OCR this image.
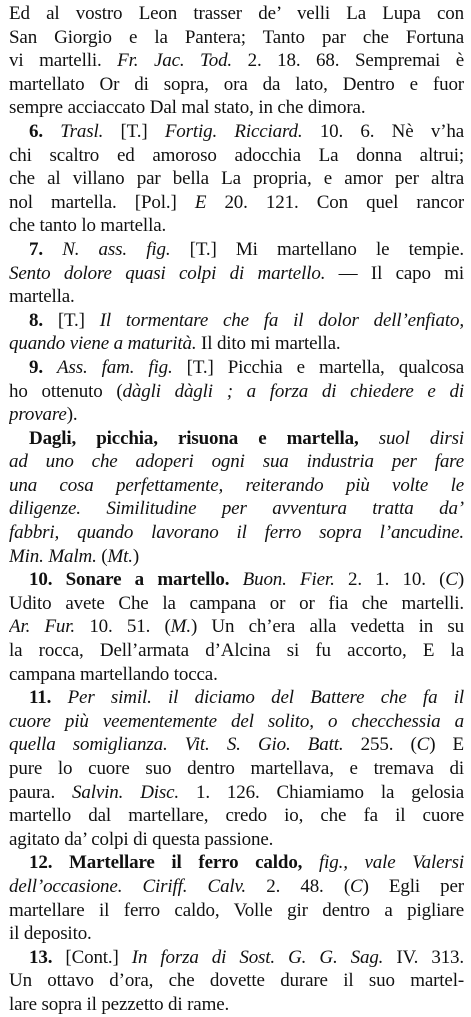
Ed al vostro Leon trasser de’ velli La Lupa con
San Giorgio e la Pantera; Tanto par che Fortuna
vi martelli. Fr. Jac. Tod. 2. 18. 68. Sempremai è
martellato Or di sopra, ora da lato, Dentro e fuor
sempre acciaccato Dal mal stato, in che dimora.
6. Trasl. [T.] Fortig. Ricciard. 10. 6. Nè v’ha
chi scaltro ed amoroso adocchia La donna altrui;
che al villano par bella La propria, e amor per altra
nol martella. [Pol.] E 20. 121. Con quel rancor
che tanto lo martella.
7. N. ass. fig. [T.] Mi martellano le tempie.
Sento dolore quasi colpi di martello. — Il capo mi
martella.
8. [T.] Il tormentare che fa il dolor dell’enfiato,
quando viene a maturità. Il dito mi martella.
9. Ass. fam. fig. [T.] Picchia e martella, qualcosa
ho ottenuto (dàgli dàgli ; a forza di chiedere e di
provare).
Dagli, picchia, risuona e martella, suol dirsi
ad uno che adoperi ogni sua industria per fare
una cosa perfettamente, reiterando più volte le
diligenze. Similitudine per avventura tratta da’
fabbri, quando lavorano il ferro sopra l’ancudine.
Min. Malm. (Mt.)
10. Sonare a martello. Buon. Fier. 2. 1. 10. (C)
Udito avete Che la campana or or fia che martelli.
Ar. Fur. 10. 51. (M.) Un ch’era alla vedetta in su
la rocca, Dell’armata d’Alcina si fu accorto, E la
campana martellando tocca.
11. Per simil. il diciamo del Battere che fa il
cuore più veementemente del solito, o checchessia a
quella somiglianza. Vit. S. Gio. Batt. 255. (C) E
pure lo cuore suo dentro martellava, e tremava di
paura. Salvin. Disc. 1. 126. Chiamiamo la gelosia
martello dal martellare, credo io, che fa il cuore
agitato da’ colpi di questa passione.
12. Martellare il ferro caldo, fig., vale Valersi
dell’occasione. Ciriff. Calv. 2. 48. (C) Egli per
martellare il ferro caldo, Volle gir dentro a pigliare
il deposito.
13. [Cont.] In forza di Sost. G. G. Sag. IV. 313.
Un ottavo d’ora, che dovette durare il suo martel-
lare sopra il pezzetto di rame.
